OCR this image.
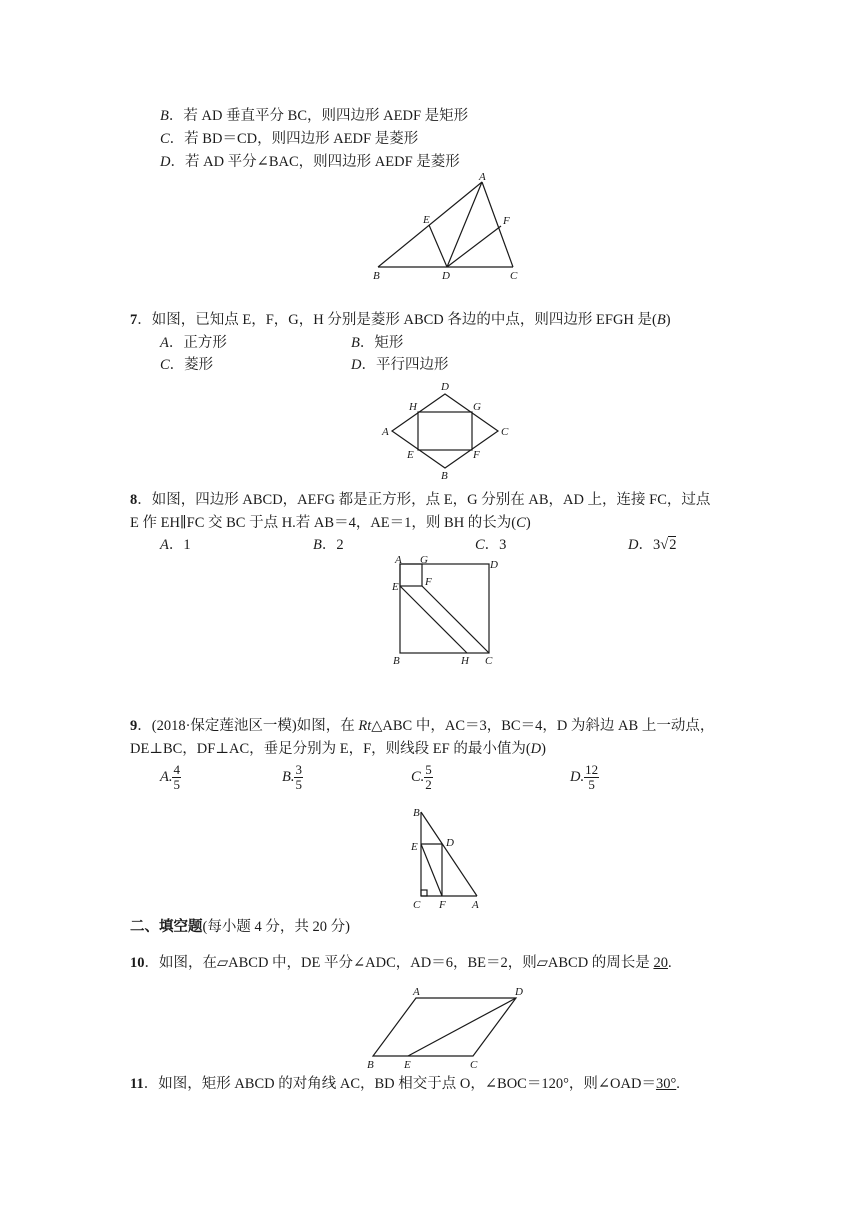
B．若 AD 垂直平分 BC，则四边形 AEDF 是矩形
C．若 BD＝CD，则四边形 AEDF 是菱形
D．若 AD 平分∠BAC，则四边形 AEDF 是菱形
A
E	F
B	D	C
7．如图，已知点 E，F，G，H 分别是菱形 ABCD 各边的中点，则四边形 EFGH 是(B)
A．正方形	B．矩形
C．菱形	D．平行四边形
D
H	G
A	C
E	F
B
8．如图，四边形 ABCD，AEFG 都是正方形，点 E，G 分别在 AB，AD 上，连接 FC，过点
E 作 EH∥FC 交 BC 于点 H.若 AB＝4，AE＝1，则 BH 的长为(C)
A．1	B．2	C．3	D．3√2
A G	D
E F
B	H C
9．(2018·保定莲池区一模)如图，在 Rt△ABC 中，AC＝3，BC＝4，D 为斜边 AB 上一动点，
DE⊥BC，DF⊥AC，垂足分别为 E，F，则线段 EF 的最小值为(D)
A. $\frac{4}{5}$	B. $\frac{3}{5}$	C. $\frac{5}{2}$	D. $\frac{12}{5}$
B
D
E
C F A
二、填空题(每小题 4 分，共 20 分)
10．如图，在▱ABCD 中，DE 平分∠ADC，AD＝6，BE＝2，则▱ABCD 的周长是 20.
A	D
B	E	C
11．如图，矩形 ABCD 的对角线 AC，BD 相交于点 O，∠BOC＝120°，则∠OAD＝30°.
